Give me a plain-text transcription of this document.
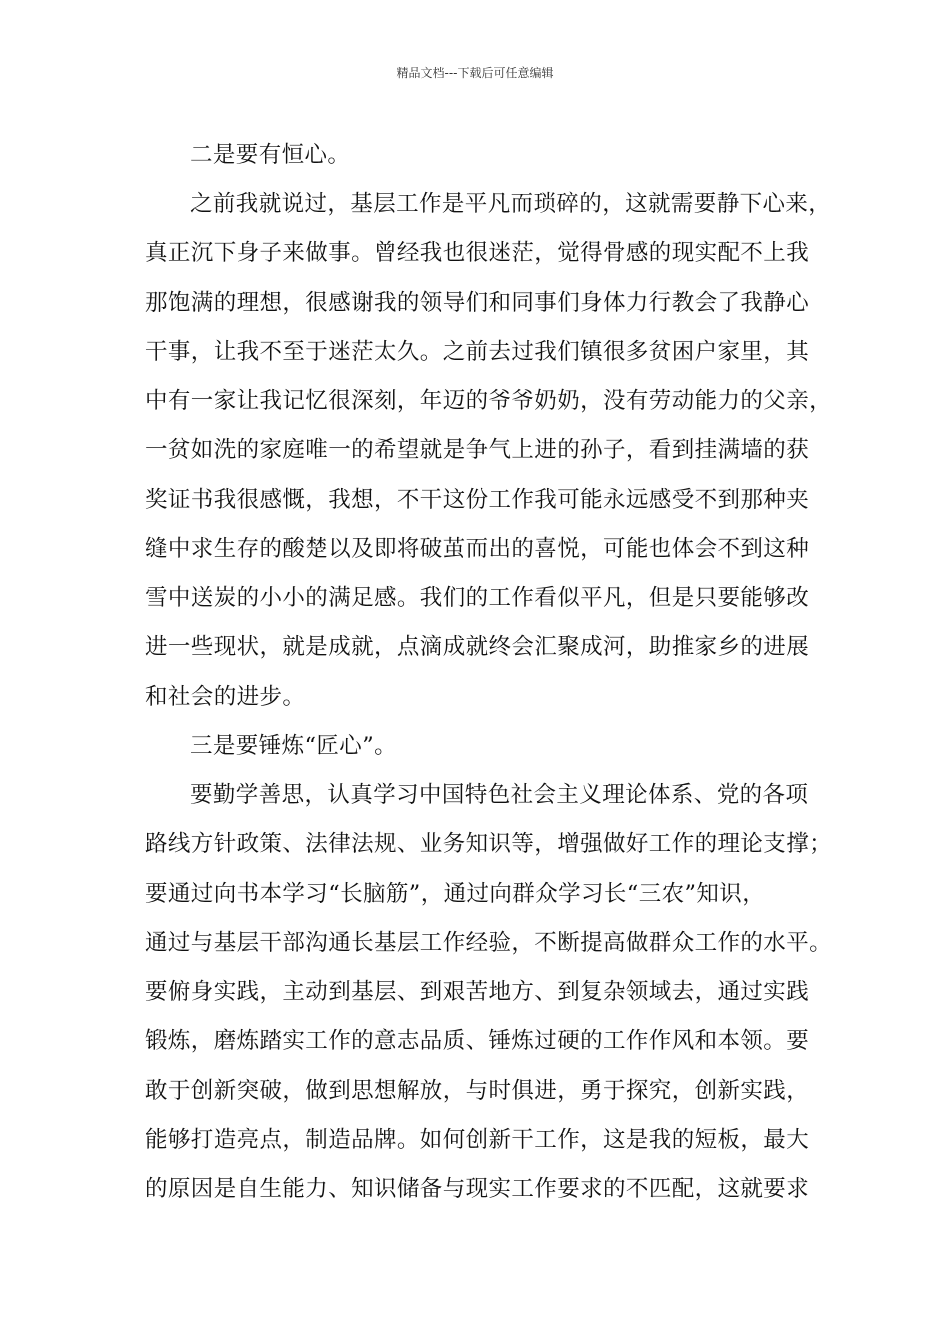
精品文档---下载后可任意编辑
二是要有恒心。
之前我就说过，基层工作是平凡而琐碎的，这就需要静下心来，
真正沉下身子来做事。曾经我也很迷茫，觉得骨感的现实配不上我
那饱满的理想，很感谢我的领导们和同事们身体力行教会了我静心
干事，让我不至于迷茫太久。之前去过我们镇很多贫困户家里，其
中有一家让我记忆很深刻，年迈的爷爷奶奶，没有劳动能力的父亲，
一贫如洗的家庭唯一的希望就是争气上进的孙子，看到挂满墙的获
奖证书我很感慨，我想，不干这份工作我可能永远感受不到那种夹
缝中求生存的酸楚以及即将破茧而出的喜悦，可能也体会不到这种
雪中送炭的小小的满足感。我们的工作看似平凡，但是只要能够改
进一些现状，就是成就，点滴成就终会汇聚成河，助推家乡的进展
和社会的进步。
三是要锤炼“匠心”。
要勤学善思，认真学习中国特色社会主义理论体系、党的各项
路线方针政策、法律法规、业务知识等，增强做好工作的理论支撑；
要通过向书本学习“长脑筋”，通过向群众学习长“三农”知识，
通过与基层干部沟通长基层工作经验，不断提高做群众工作的水平。
要俯身实践，主动到基层、到艰苦地方、到复杂领域去，通过实践
锻炼，磨炼踏实工作的意志品质、锤炼过硬的工作作风和本领。要
敢于创新突破，做到思想解放，与时俱进，勇于探究，创新实践，
能够打造亮点，制造品牌。如何创新干工作，这是我的短板，最大
的原因是自生能力、知识储备与现实工作要求的不匹配，这就要求
